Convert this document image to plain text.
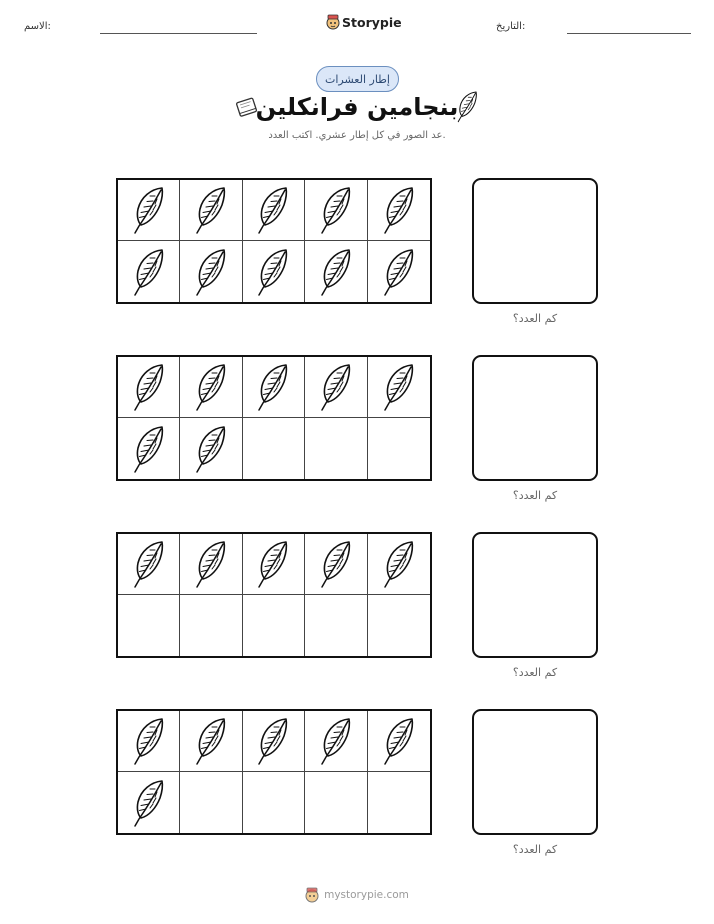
الاسم:	Storypie	التاريخ:
إطار العشرات
بنجامين فرانكلين
عد الصور في كل إطار عشري. اكتب العدد.
كم العدد؟
كم العدد؟
كم العدد؟
كم العدد؟
mystorypie.com
